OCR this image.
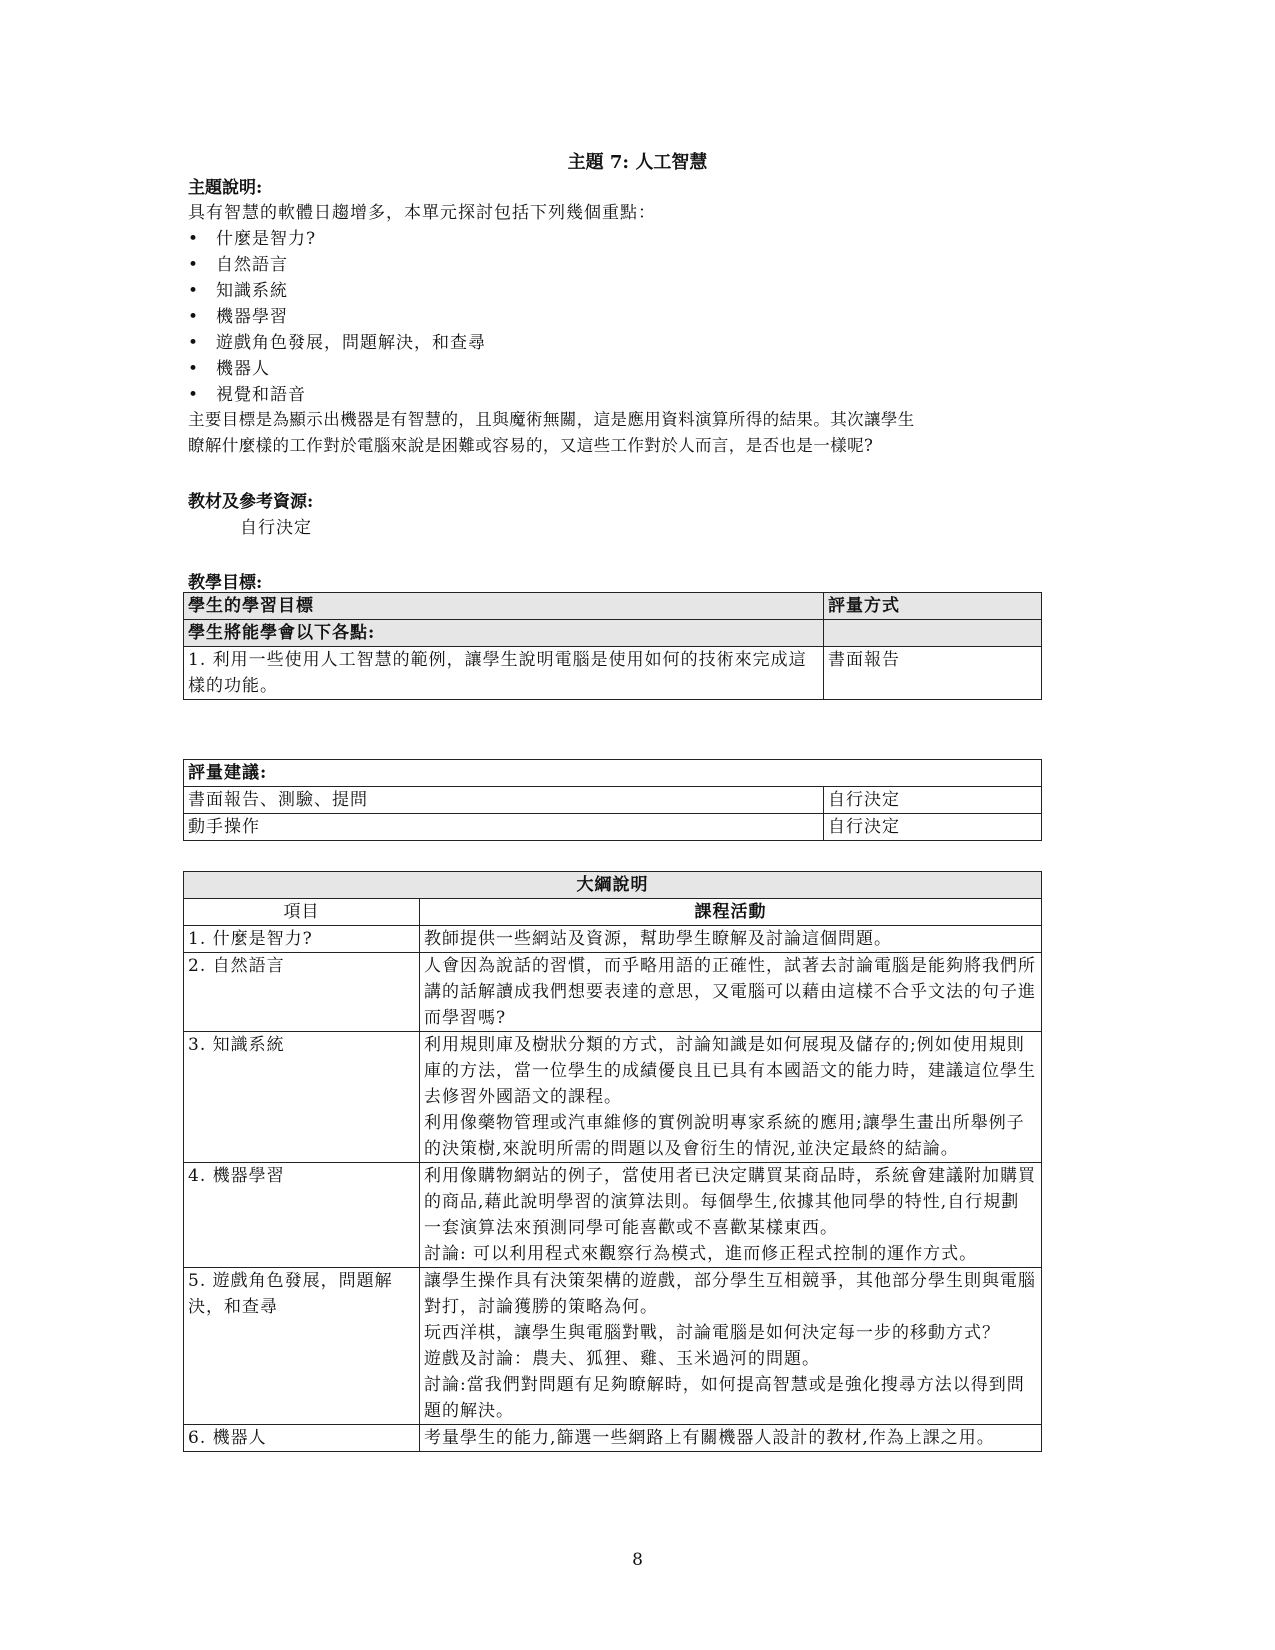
主題 7: 人工智慧
主題說明:
具有智慧的軟體日趨增多，本單元探討包括下列幾個重點：
• 什麼是智力?
• 自然語言
• 知識系統
• 機器學習
• 遊戲角色發展，問題解決，和查尋
• 機器人
• 視覺和語音
主要目標是為顯示出機器是有智慧的，且與魔術無關，這是應用資料演算所得的結果。其次讓學生
瞭解什麼樣的工作對於電腦來說是困難或容易的，又這些工作對於人而言，是否也是一樣呢?
教材及參考資源:
自行決定
教學目標:
學生的學習目標	評量方式
學生將能學會以下各點:	
1. 利用一些使用人工智慧的範例，讓學生說明電腦是使用如何的技術來完成這樣的功能。	書面報告
評量建議:	
書面報告、測驗、提問	自行決定
動手操作	自行決定
大綱說明	
項目	課程活動
1. 什麼是智力?	教師提供一些網站及資源，幫助學生瞭解及討論這個問題。
2. 自然語言	人會因為說話的習慣，而乎略用語的正確性，試著去討論電腦是能夠將我們所講的話解讀成我們想要表達的意思，又電腦可以藉由這樣不合乎文法的句子進而學習嗎?
3. 知識系統	利用規則庫及樹狀分類的方式，討論知識是如何展現及儲存的;例如使用規則庫的方法，當一位學生的成績優良且已具有本國語文的能力時，建議這位學生去修習外國語文的課程。
利用像藥物管理或汽車維修的實例說明專家系統的應用;讓學生畫出所舉例子的決策樹,來說明所需的問題以及會衍生的情況,並決定最終的結論。

4. 機器學習	利用像購物網站的例子，當使用者已決定購買某商品時，系統會建議附加購買的商品,藉此說明學習的演算法則。每個學生,依據其他同學的特性,自行規劃一套演算法來預測同學可能喜歡或不喜歡某樣東西。
討論: 可以利用程式來觀察行為模式，進而修正程式控制的運作方式。

5. 遊戲角色發展，問題解決，和查尋	讓學生操作具有決策架構的遊戲，部分學生互相競爭，其他部分學生則與電腦對打，討論獲勝的策略為何。
玩西洋棋，讓學生與電腦對戰，討論電腦是如何決定每一步的移動方式？
遊戲及討論：農夫、狐狸、雞、玉米過河的問題。
討論:當我們對問題有足夠瞭解時，如何提高智慧或是強化搜尋方法以得到問題的解決。

6. 機器人	考量學生的能力,篩選一些網路上有關機器人設計的教材,作為上課之用。
8
